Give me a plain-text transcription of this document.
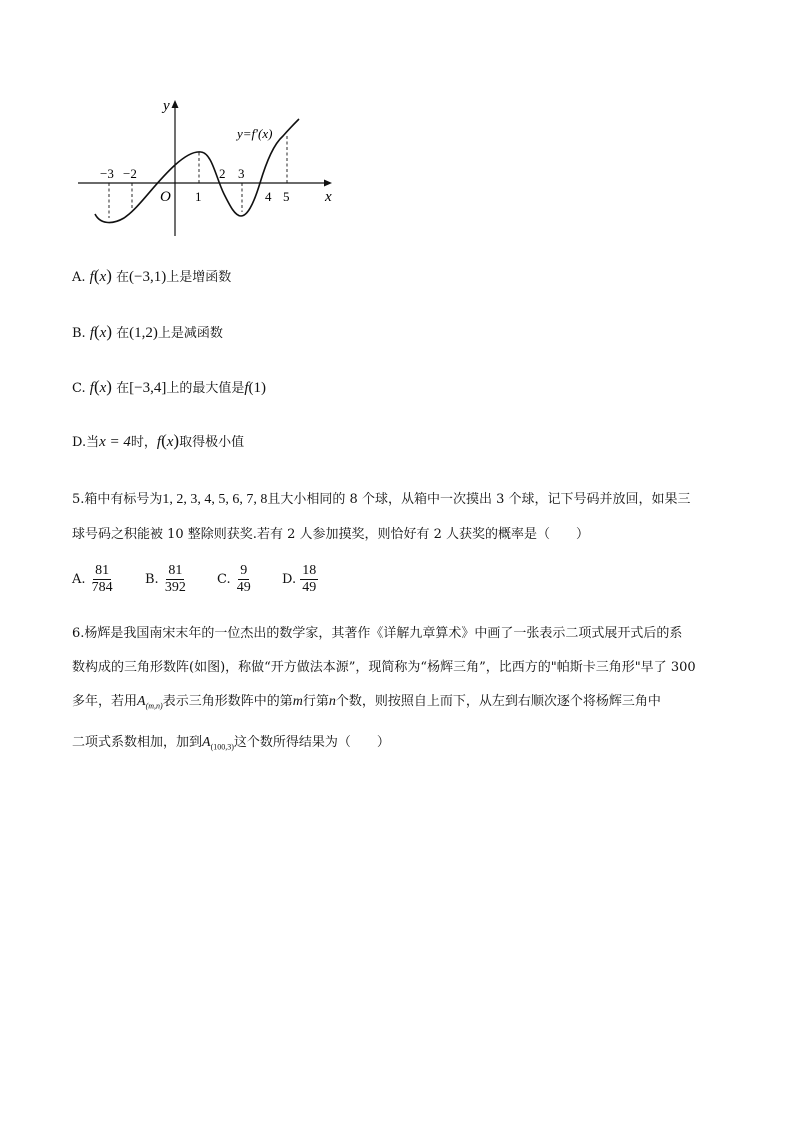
y
x
O
y=f′(x)
−3 −2
1
2 3
4 5
A. f(x) 在(−3,1)上是增函数
B. f(x) 在(1,2)上是减函数
C. f(x) 在[−3,4]上的最大值是f(1)
D.当x = 4时，f(x)取得极小值
5.箱中有标号为1, 2, 3, 4, 5, 6, 7, 8且大小相同的 8 个球，从箱中一次摸出 3 个球，记下号码并放回，如果三
球号码之积能被 10 整除则获奖.若有 2 人参加摸奖，则恰好有 2 人获奖的概率是（　　）
A. $\frac{81}{784} B$. $\frac{81}{392} C$. $\frac{9}{49} D$. $\frac{18}{49}$
6.杨辉是我国南宋末年的一位杰出的数学家，其著作《详解九章算术》中画了一张表示二项式展开式后的系
数构成的三角形数阵(如图)，称做“开方做法本源”，现简称为“杨辉三角”，比西方的"帕斯卡三角形"早了 300
多年，若用$A_{(m,n)}$表示三角形数阵中的第m行第n个数，则按照自上而下，从左到右顺次逐个将杨辉三角中
二项式系数相加，加到$A_{(100,3)}$这个数所得结果为（　　）
